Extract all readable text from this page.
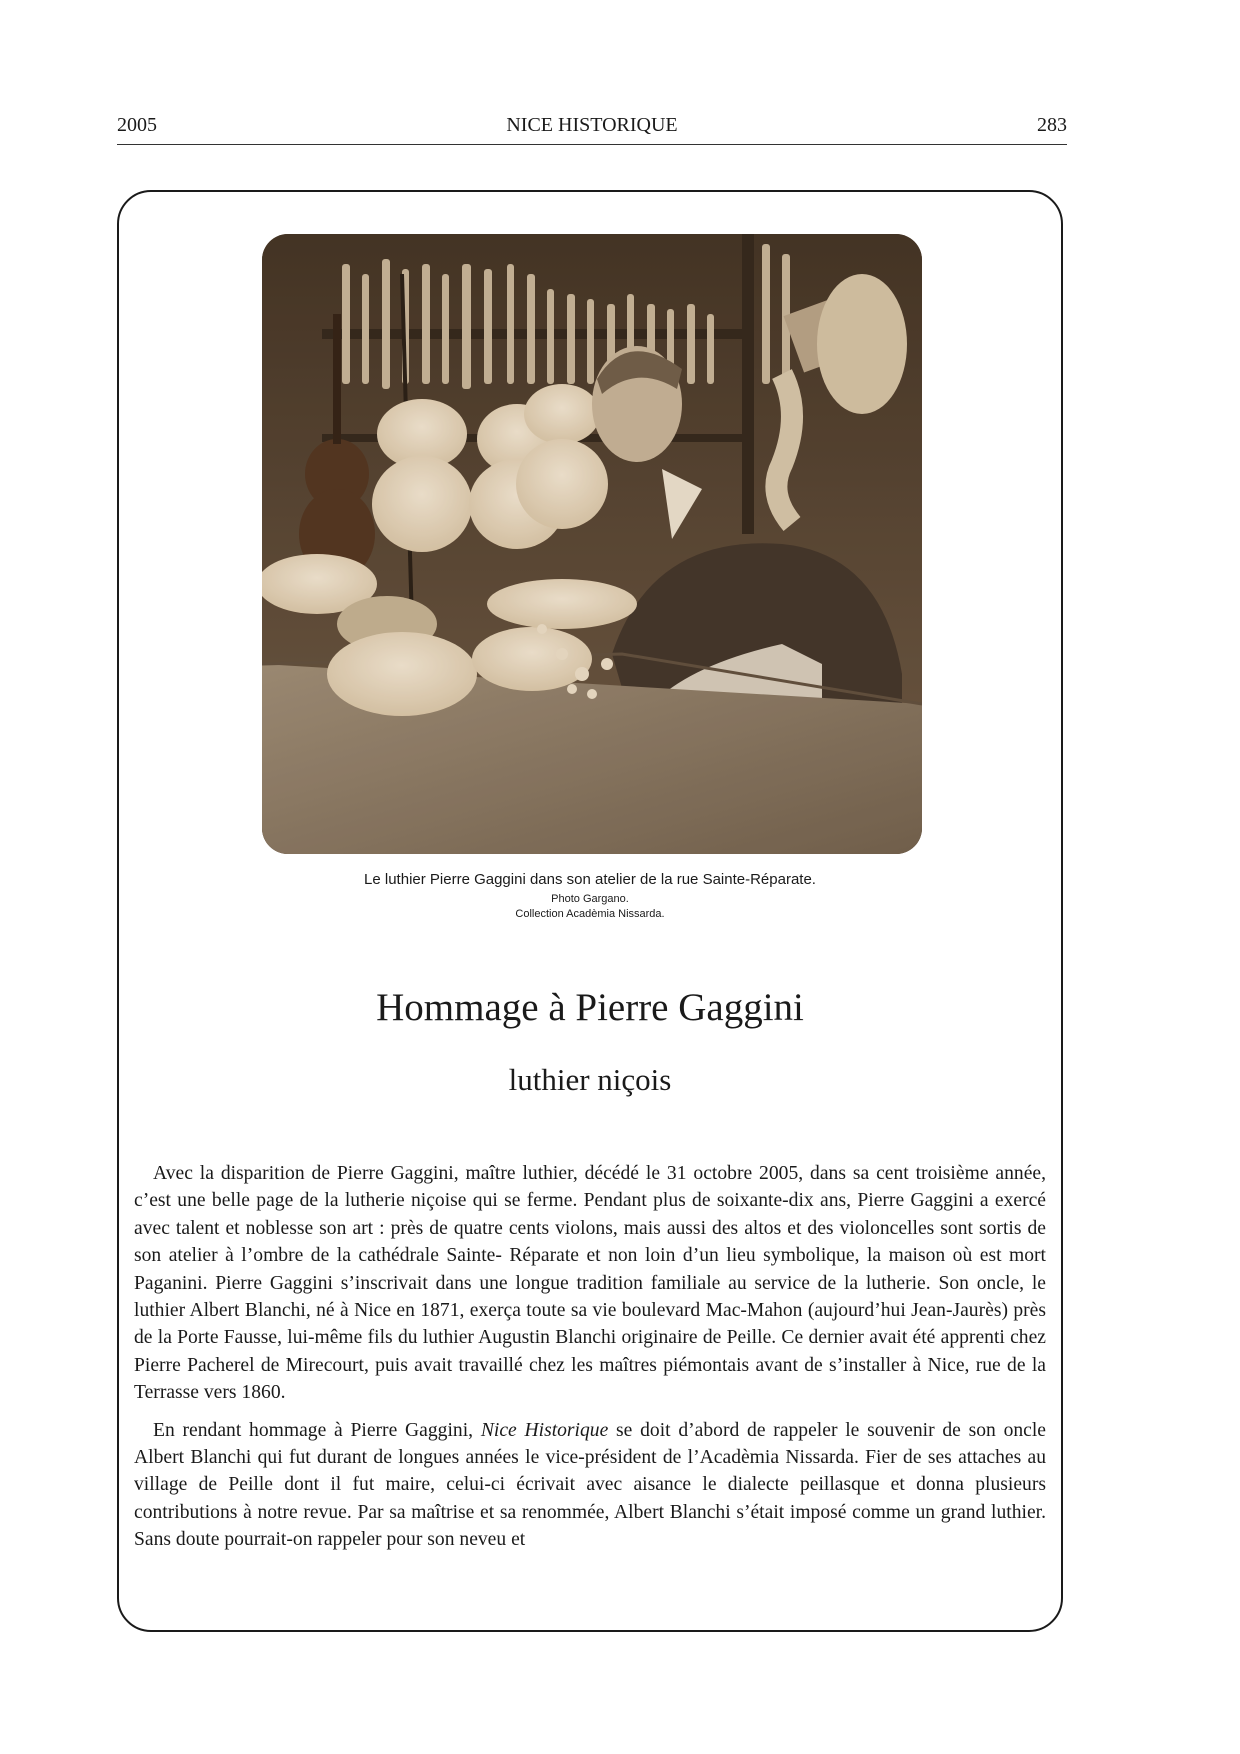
2005	NICE HISTORIQUE	283
Le luthier Pierre Gaggini dans son atelier de la rue Sainte-Réparate.
Photo Gargano.
Collection Acadèmia Nissarda.
Hommage à Pierre Gaggini
luthier niçois

Avec la disparition de Pierre Gaggini, maître luthier, décédé le 31 octobre 2005, dans sa cent troisième année, c’est une belle page de la lutherie niçoise qui se ferme. Pendant plus de soixante-dix ans, Pierre Gaggini a exercé avec talent et noblesse son art : près de quatre cents violons, mais aussi des altos et des violoncelles sont sortis de son atelier à l’ombre de la cathédrale Sainte- Réparate et non loin d’un lieu symbolique, la maison où est mort Paganini. Pierre Gaggini s’inscrivait dans une longue tradition familiale au service de la lutherie. Son oncle, le luthier Albert Blanchi, né à Nice en 1871, exerça toute sa vie boulevard Mac-Mahon (aujourd’hui Jean-Jaurès) près de la Porte Fausse, lui-même fils du luthier Augustin Blanchi originaire de Peille. Ce dernier avait été apprenti chez Pierre Pacherel de Mirecourt, puis avait travaillé chez les maîtres piémontais avant de s’installer à Nice, rue de la Terrasse vers 1860.

En rendant hommage à Pierre Gaggini, Nice Historique se doit d’abord de rappeler le souvenir de son oncle Albert Blanchi qui fut durant de longues années le vice-président de l’Acadèmia Nissarda. Fier de ses attaches au village de Peille dont il fut maire, celui-ci écrivait avec aisance le dialecte peillasque et donna plusieurs contributions à notre revue. Par sa maîtrise et sa renommée, Albert Blanchi s’était imposé comme un grand luthier. Sans doute pourrait-on rappeler pour son neveu et
